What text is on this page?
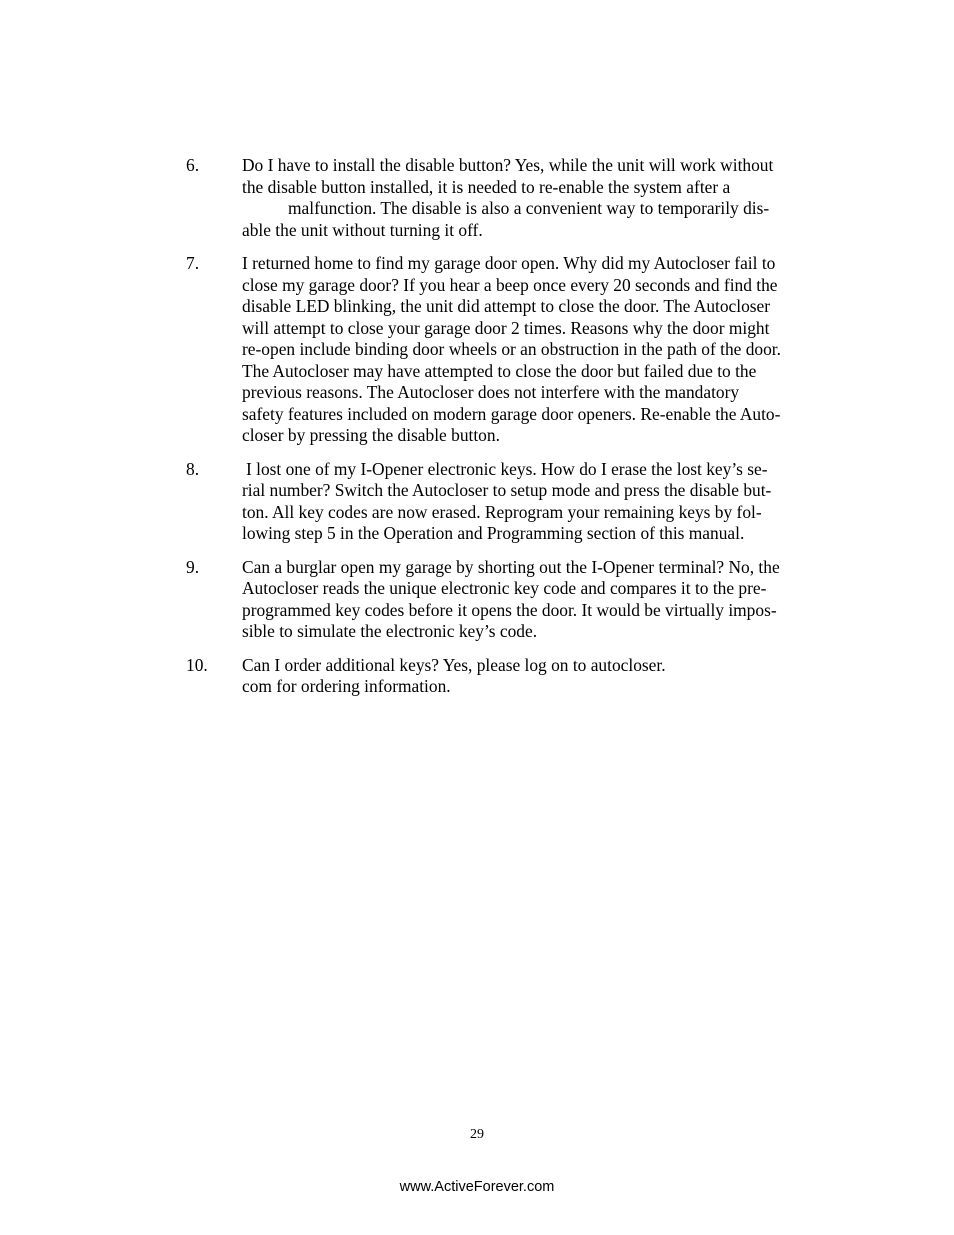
6. Do I have to install the disable button? Yes, while the unit will work without
the disable button installed, it is needed to re-enable the system after a
malfunction. The disable is also a convenient way to temporarily dis-
able the unit without turning it off.
7. I returned home to find my garage door open. Why did my Autocloser fail to
close my garage door? If you hear a beep once every 20 seconds and find the
disable LED blinking, the unit did attempt to close the door. The Autocloser
will attempt to close your garage door 2 times. Reasons why the door might
re-open include binding door wheels or an obstruction in the path of the door.
The Autocloser may have attempted to close the door but failed due to the
previous reasons. The Autocloser does not interfere with the mandatory
safety features included on modern garage door openers. Re-enable the Auto-
closer by pressing the disable button.
8.	I lost one of my I-Opener electronic keys. How do I erase the lost key’s se-
rial number? Switch the Autocloser to setup mode and press the disable but-
ton. All key codes are now erased. Reprogram your remaining keys by fol-
lowing step 5 in the Operation and Programming section of this manual.
9. Can a burglar open my garage by shorting out the I-Opener terminal? No, the
Autocloser reads the unique electronic key code and compares it to the pre-
programmed key codes before it opens the door. It would be virtually impos-
sible to simulate the electronic key’s code.
10. Can I order additional keys? Yes, please log on to autocloser.
com for ordering information.
29
www.ActiveForever.com
